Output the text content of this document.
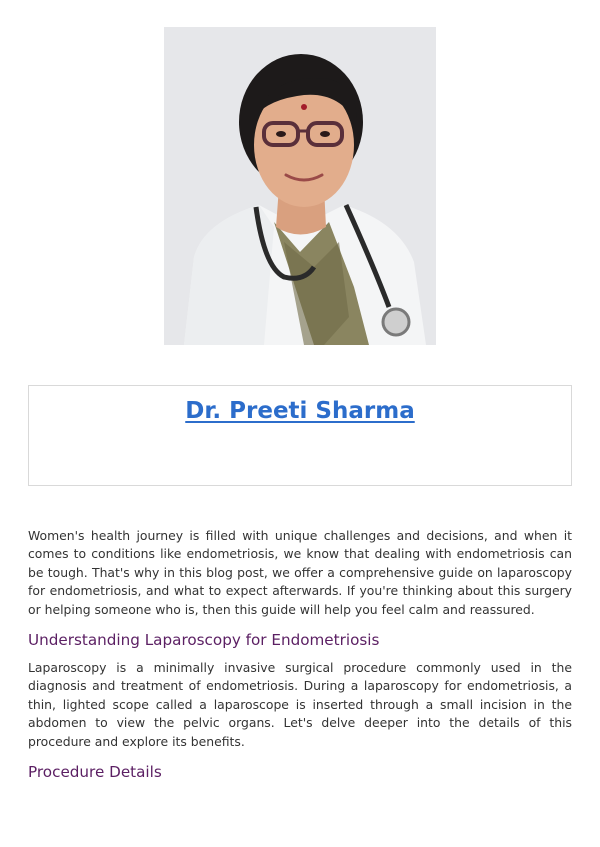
Dr. Preeti Sharma

Women's health journey is filled with unique challenges and decisions, and when it comes to conditions like endometriosis, we know that dealing with endometriosis can be tough. That's why in this blog post, we offer a comprehensive guide on laparoscopy for endometriosis, and what to expect afterwards. If you're thinking about this surgery or helping someone who is, then this guide will help you feel calm and reassured.

Understanding Laparoscopy for Endometriosis

Laparoscopy is a minimally invasive surgical procedure commonly used in the diagnosis and treatment of endometriosis. During a laparoscopy for endometriosis, a thin, lighted scope called a laparoscope is inserted through a small incision in the abdomen to view the pelvic organs. Let's delve deeper into the details of this procedure and explore its benefits.

Procedure Details
